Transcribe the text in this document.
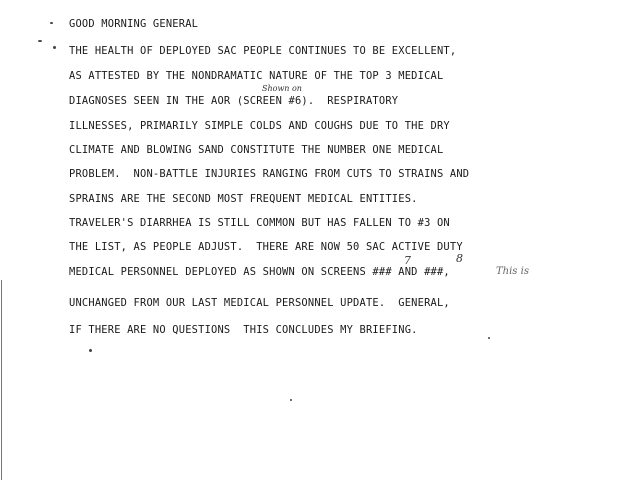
GOOD MORNING GENERAL
THE HEALTH OF DEPLOYED SAC PEOPLE CONTINUES TO BE EXCELLENT,
AS ATTESTED BY THE NONDRAMATIC NATURE OF THE TOP 3 MEDICAL
DIAGNOSES SEEN IN THE AOR (SCREEN #6).  RESPIRATORY
ILLNESSES, PRIMARILY SIMPLE COLDS AND COUGHS DUE TO THE DRY
CLIMATE AND BLOWING SAND CONSTITUTE THE NUMBER ONE MEDICAL
PROBLEM.  NON-BATTLE INJURIES RANGING FROM CUTS TO STRAINS AND
SPRAINS ARE THE SECOND MOST FREQUENT MEDICAL ENTITIES.
TRAVELER'S DIARRHEA IS STILL COMMON BUT HAS FALLEN TO #3 ON
THE LIST, AS PEOPLE ADJUST.  THERE ARE NOW 50 SAC ACTIVE DUTY
MEDICAL PERSONNEL DEPLOYED AS SHOWN ON SCREENS ### AND ###,
UNCHANGED FROM OUR LAST MEDICAL PERSONNEL UPDATE.  GENERAL,
IF THERE ARE NO QUESTIONS  THIS CONCLUDES MY BRIEFING.
Shown on
7	8
This is
